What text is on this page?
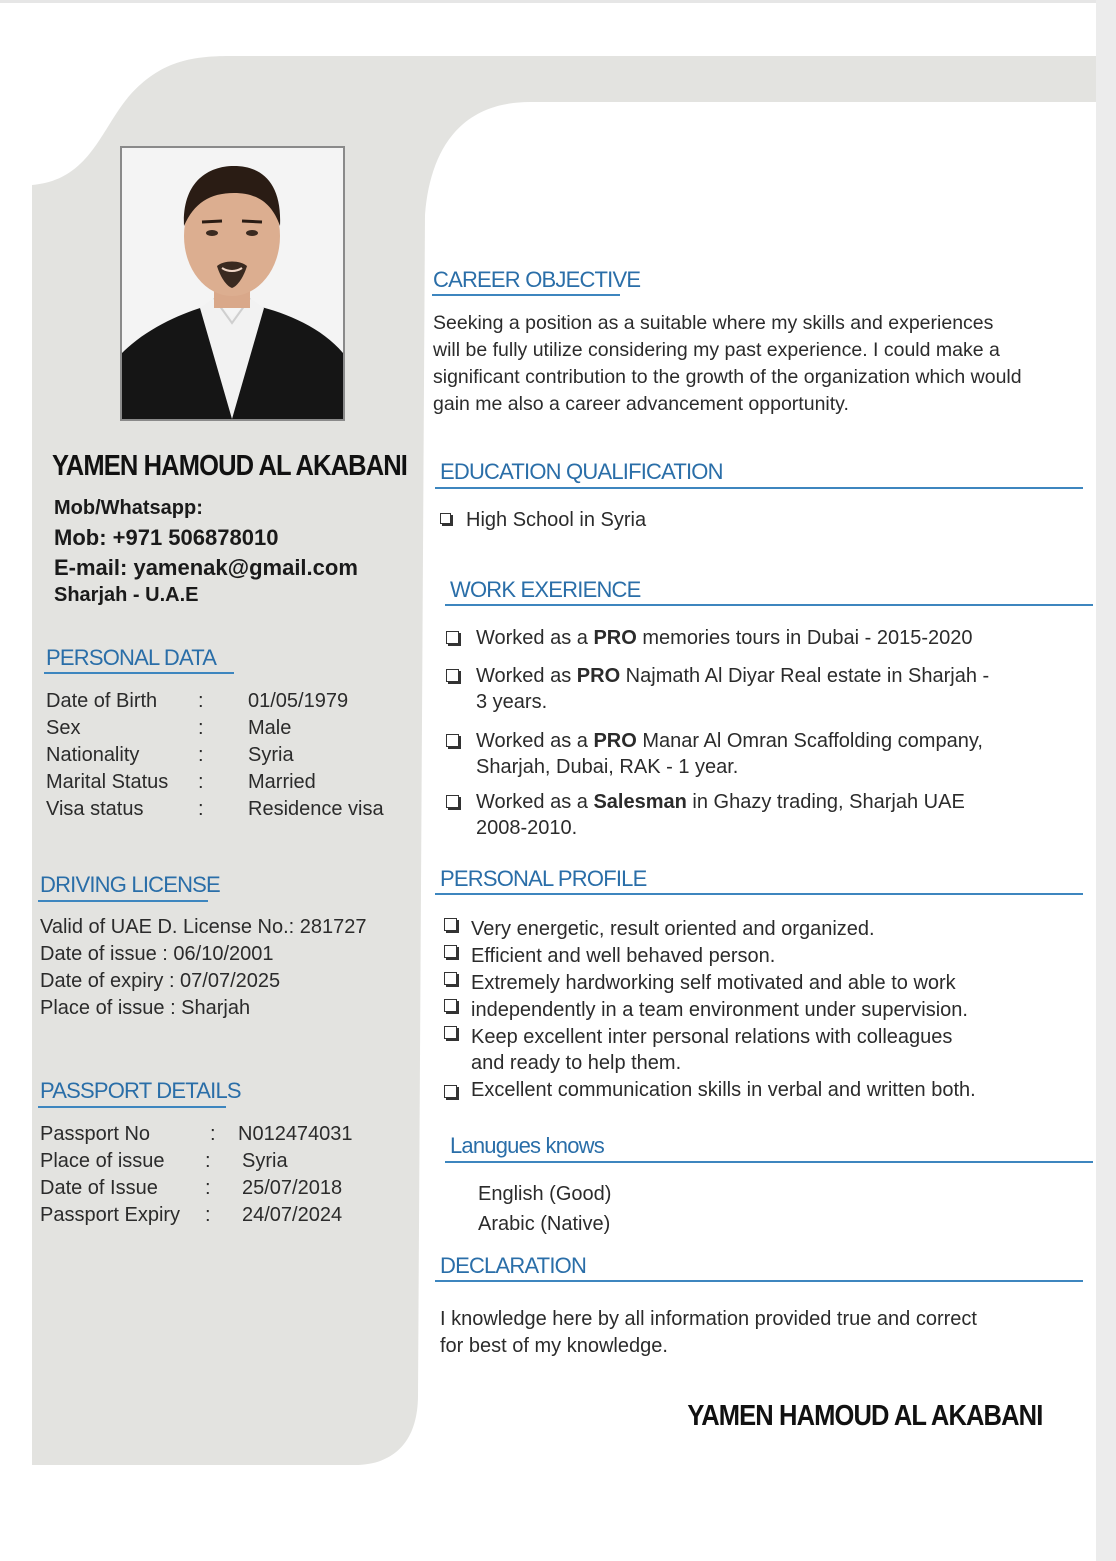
YAMEN HAMOUD AL AKABANI
Mob/Whatsapp:
Mob: +971 506878010
E-mail: yamenak@gmail.com
Sharjah - U.A.E
PERSONAL DATA
Date of Birth : 01/05/1979
Sex	: Male
Nationality	: Syria
Marital Status : Married
Visa status	: Residence visa
DRIVING LICENSE
Valid of UAE D. License No.: 281727
Date of issue : 06/10/2001
Date of expiry : 07/07/2025
Place of issue : Sharjah
PASSPORT DETAILS
Passport No	: N012474031
Place of issue : Syria
Date of Issue : 25/07/2018
Passport Expiry : 24/07/2024
CAREER OBJECTIVE
Seeking a position as a suitable where my skills and experiences
will be fully utilize considering my past experience. I could make a
significant contribution to the growth of the organization which would
gain me also a career advancement opportunity.
EDUCATION QUALIFICATION
High School in Syria
WORK EXERIENCE
Worked as a PRO memories tours in Dubai - 2015-2020
Worked as PRO Najmath Al Diyar Real estate in Sharjah -
3 years.
Worked as a PRO Manar Al Omran Scaffolding company,
Sharjah, Dubai, RAK - 1 year.
Worked as a Salesman in Ghazy trading, Sharjah UAE
2008-2010.
PERSONAL PROFILE
Very energetic, result oriented and organized.
Efficient and well behaved person.
Extremely hardworking self motivated and able to work
independently in a team environment under supervision.
Keep excellent inter personal relations with colleagues
and ready to help them.
Excellent communication skills in verbal and written both.
Lanugues knows
English (Good)
Arabic (Native)
DECLARATION
I knowledge here by all information provided true and correct
for best of my knowledge.
YAMEN HAMOUD AL AKABANI
